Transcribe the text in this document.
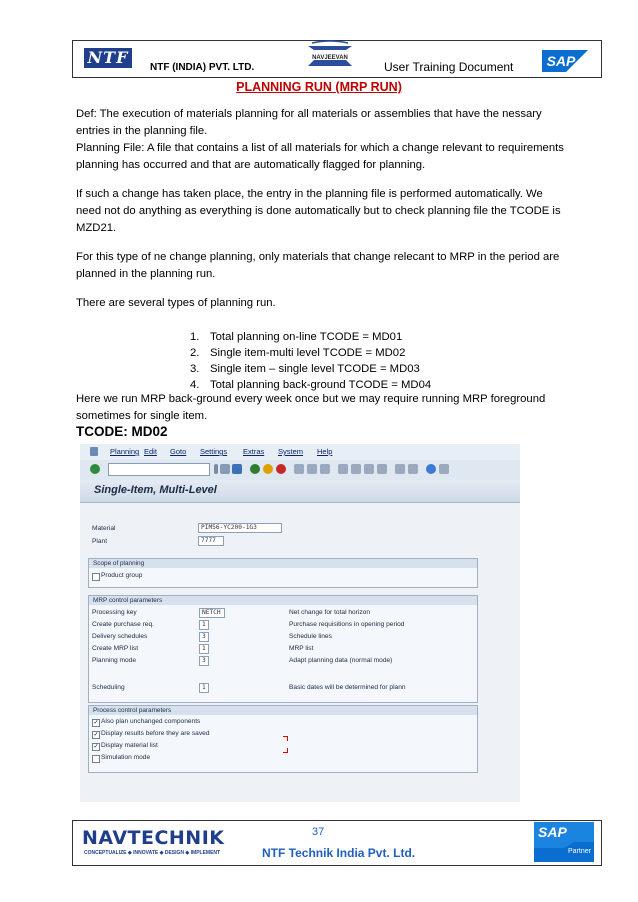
NTF
NTF (INDIA) PVT. LTD.
NAVJEEVAN
User Training Document	SAP
PLANNING RUN (MRP RUN)
Def: The execution of materials planning for all materials or assemblies that have the nessary
entries in the planning file.
Planning File: A file that contains a list of all materials for which a change relevant to requirements
planning has occurred and that are automatically flagged for planning.
If such a change has taken place, the entry in the planning file is performed automatically. We
need not do anything as everything is done automatically but to check planning file the TCODE is
MZD21.
For this type of ne change planning, only materials that change relecant to MRP in the period are
planned in the planning run.
There are several types of planning run.
1. Total planning on-line TCODE = MD01
2. Single item-multi level TCODE = MD02
3. Single item – single level TCODE = MD03
4. Total planning back-ground TCODE = MD04
Here we run MRP back-ground every week once but we may require running MRP foreground
sometimes for single item.
TCODE: MD02
Planning Edit Goto Settings Extras System Help
Single-Item, Multi-Level
Material	PIM56-YC200-1G3
Plant	7777
Scope of planning
Product group
MRP control parameters
Processing key	NETCH	Net change for total horizon
Create purchase req.	1	Purchase requisitions in opening period
Delivery schedules	3	Schedule lines
Create MRP list	1	MRP list
Planning mode	3	Adapt planning data (normal mode)
Scheduling	1	Basic dates will be determined for plann
Process control parameters
✓ Also plan unchanged components
✓ Display results before they are saved
✓ Display material list
Simulation mode
NAVTECHNIK
CONCEPTUALIZE ◆ INNOVATE ◆ DESIGN ◆ IMPLEMENT
37
NTF Technik India Pvt. Ltd.
SAP
Partner
